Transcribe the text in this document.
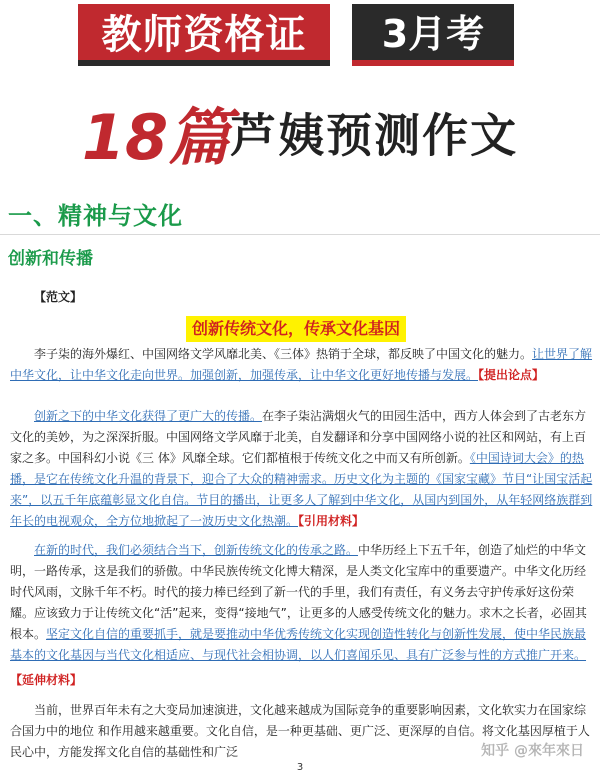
教师资格证	3月考
18篇芦姨预测作文
一、精神与文化
创新和传播
【范文】
创新传统文化，传承文化基因

李子柒的海外爆红、中国网络文学风靡北美、《三体》热销于全球，都反映了中国文化的魅力。让世界了解中华文化，让中华文化走向世界。加强创新，加强传承，让中华文化更好地传播与发展。【提出论点】

创新之下的中华文化获得了更广大的传播。在李子柒沾满烟火气的田园生活中，西方人体会到了古老东方文化的美妙，为之深深折服。中国网络文学风靡于北美，自发翻译和分享中国网络小说的社区和网站，有上百家之多。中国科幻小说《三 体》风靡全球。它们都植根于传统文化之中而又有所创新。《中国诗词大会》的热播，是它在传统文化升温的背景下，迎合了大众的精神需求。历史文化为主题的《国家宝藏》节目“让国宝活起来”，以五千年底蕴彰显文化自信。节目的播出，让更多人了解到中华文化，从国内到国外，从年轻网络族群到年长的电视观众，全方位地掀起了一波历史文化热潮。【引用材料】

在新的时代，我们必须结合当下，创新传统文化的传承之路。中华历经上下五千年，创造了灿烂的中华文明，一路传承，这是我们的骄傲。中华民族传统文化博大精深，是人类文化宝库中的重要遗产。中华文化历经时代风雨，文脉千年不朽。时代的接力棒已经到了新一代的手里，我们有责任，有义务去守护传承好这份荣耀。应该致力于让传统文化“活”起来，变得“接地气”，让更多的人感受传统文化的魅力。求木之长者，必固其根本。坚定文化自信的重要抓手，就是要推动中华优秀传统文化实现创造性转化与创新性发展，使中华民族最基本的文化基因与当代文化相适应、与现代社会相协调，以人们喜闻乐见、具有广泛参与性的方式推广开来。

【延伸材料】

当前，世界百年未有之大变局加速演进，文化越来越成为国际竞争的重要影响因素，文化软实力在国家综合国力中的地位 和作用越来越重要。文化自信，是一种更基础、更广泛、更深厚的自信。将文化基因厚植于人民心中，方能发挥文化自信的基础性和广泛	知乎 @來年來日
3
